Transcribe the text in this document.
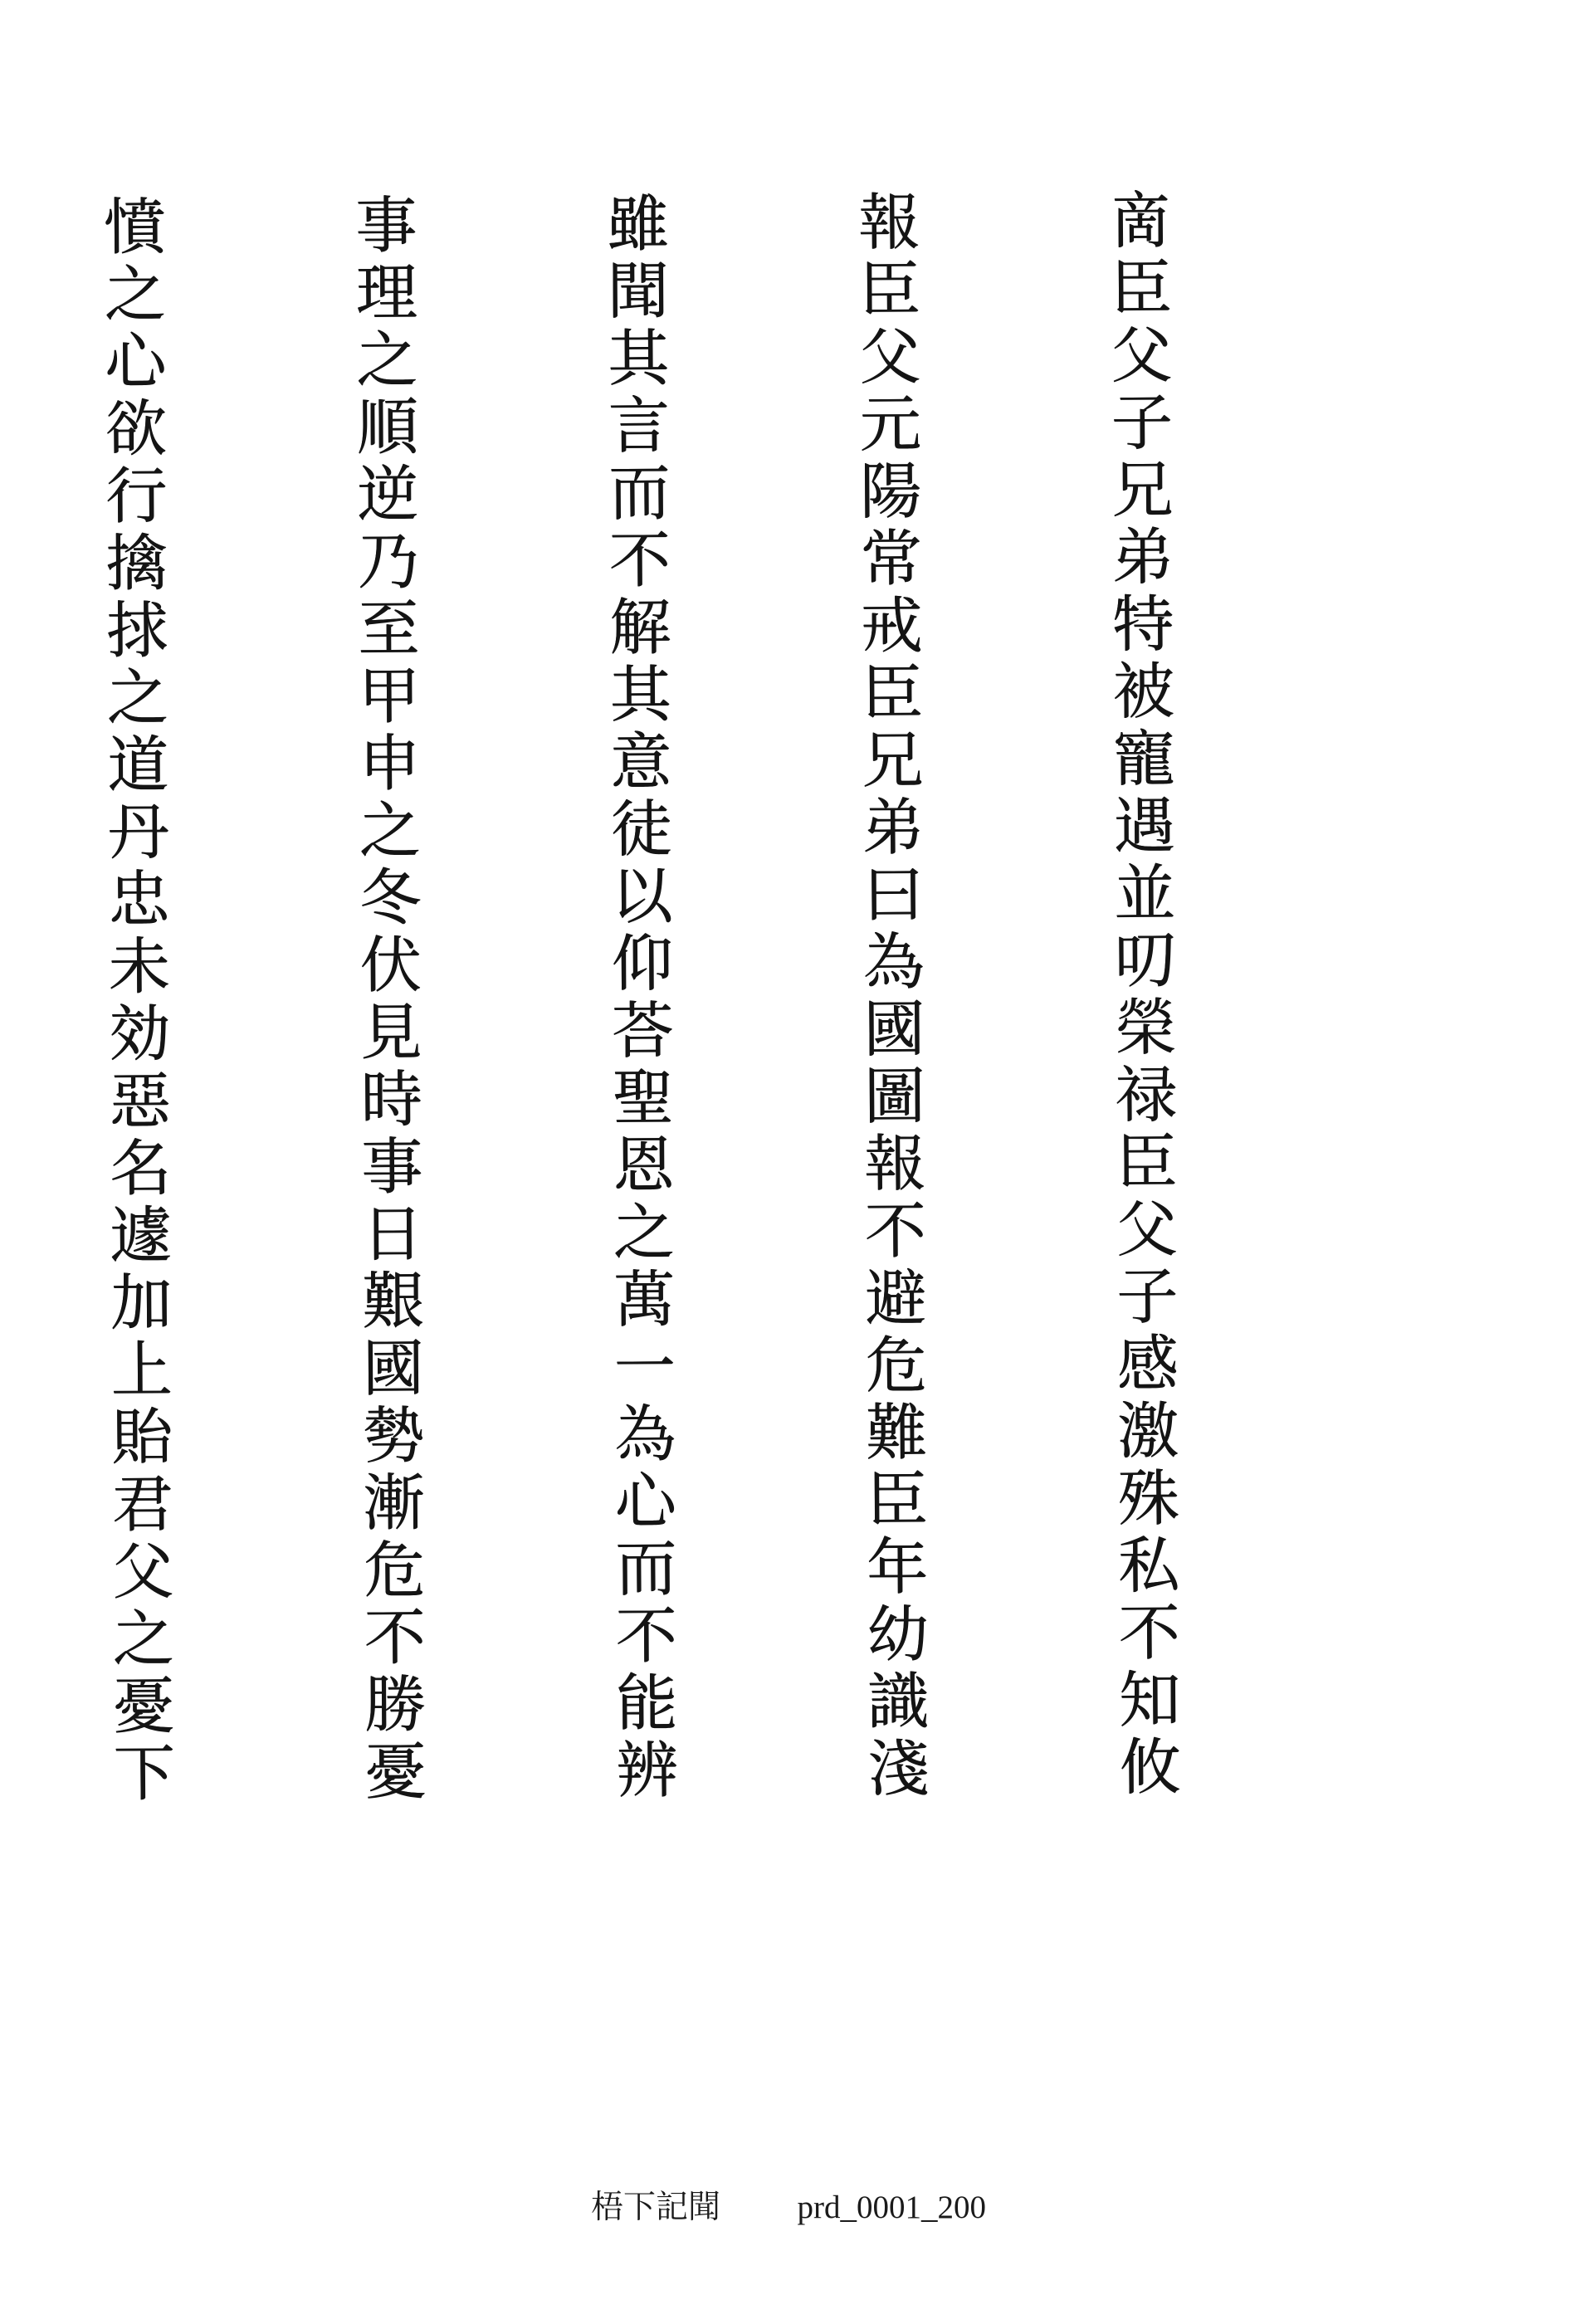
啇臣父子兄弟特被寵遇並叨榮禄臣父子感激殊私不知攸

報臣父元陽常戒臣兄弟曰為國圖報不避危難臣年幼識淺

雖聞其言而不解其意徒以仰荅聖恩之萬一為心而不能辨

事理之順逆乃至甲申之冬伏見時事日艱國勢漸危不勝憂

憤之心欲行擒捄之道丹忠未効惡名遽加上貽君父之憂下

梧下記聞 prd_0001_200
